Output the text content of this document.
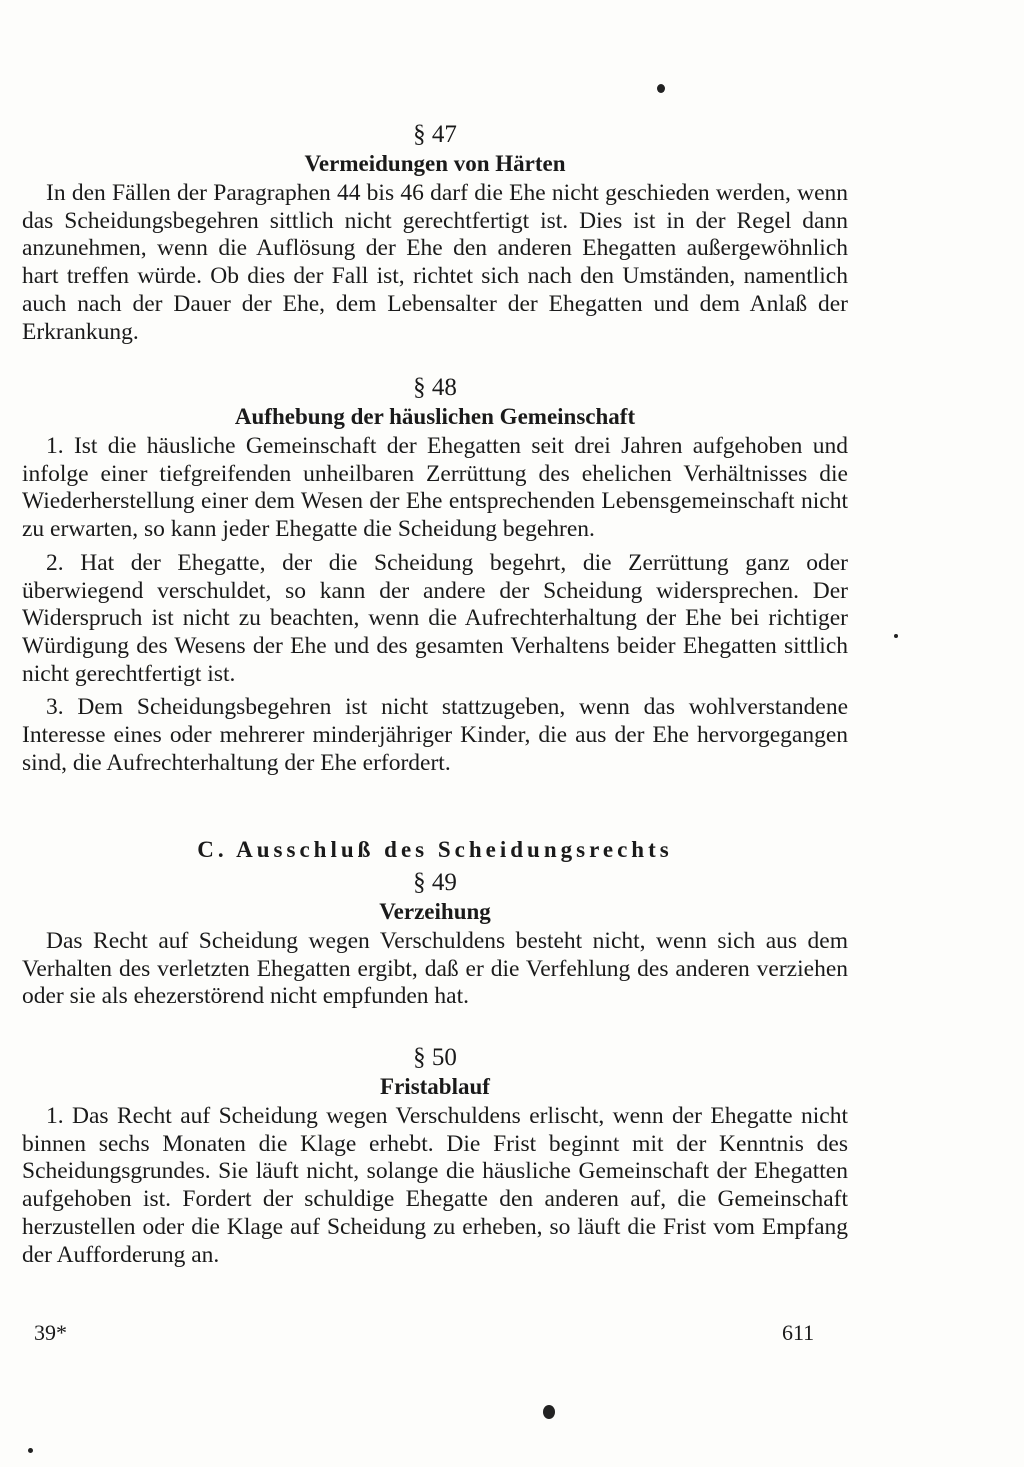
§ 47

Vermeidungen von Härten

In den Fällen der Paragraphen 44 bis 46 darf die Ehe nicht geschieden werden, wenn das Scheidungsbegehren sittlich nicht gerechtfertigt ist. Dies ist in der Regel dann anzunehmen, wenn die Auflösung der Ehe den anderen Ehegatten außergewöhnlich hart treffen würde. Ob dies der Fall ist, richtet sich nach den Umständen, namentlich auch nach der Dauer der Ehe, dem Lebensalter der Ehegatten und dem Anlaß der Erkrankung.

§ 48

Aufhebung der häuslichen Gemeinschaft

1. Ist die häusliche Gemeinschaft der Ehegatten seit drei Jahren aufgehoben und infolge einer tiefgreifenden unheilbaren Zerrüttung des ehelichen Verhältnisses die Wiederherstellung einer dem Wesen der Ehe entsprechenden Lebensgemeinschaft nicht zu erwarten, so kann jeder Ehegatte die Scheidung begehren.

2. Hat der Ehegatte, der die Scheidung begehrt, die Zerrüttung ganz oder überwiegend verschuldet, so kann der andere der Scheidung widersprechen. Der Widerspruch ist nicht zu beachten, wenn die Aufrechterhaltung der Ehe bei richtiger Würdigung des Wesens der Ehe und des gesamten Verhaltens beider Ehegatten sittlich nicht gerechtfertigt ist.

3. Dem Scheidungsbegehren ist nicht stattzugeben, wenn das wohlverstandene Interesse eines oder mehrerer minderjähriger Kinder, die aus der Ehe hervorgegangen sind, die Aufrechterhaltung der Ehe erfordert.

C. Ausschluß des Scheidungsrechts

§ 49

Verzeihung

Das Recht auf Scheidung wegen Verschuldens besteht nicht, wenn sich aus dem Verhalten des verletzten Ehegatten ergibt, daß er die Verfehlung des anderen verziehen oder sie als ehezerstörend nicht empfunden hat.

§ 50

Fristablauf

1. Das Recht auf Scheidung wegen Verschuldens erlischt, wenn der Ehegatte nicht binnen sechs Monaten die Klage erhebt. Die Frist beginnt mit der Kenntnis des Scheidungsgrundes. Sie läuft nicht, solange die häusliche Gemeinschaft der Ehegatten aufgehoben ist. Fordert der schuldige Ehegatte den anderen auf, die Gemeinschaft herzustellen oder die Klage auf Scheidung zu erheben, so läuft die Frist vom Empfang der Aufforderung an.

39*	611
